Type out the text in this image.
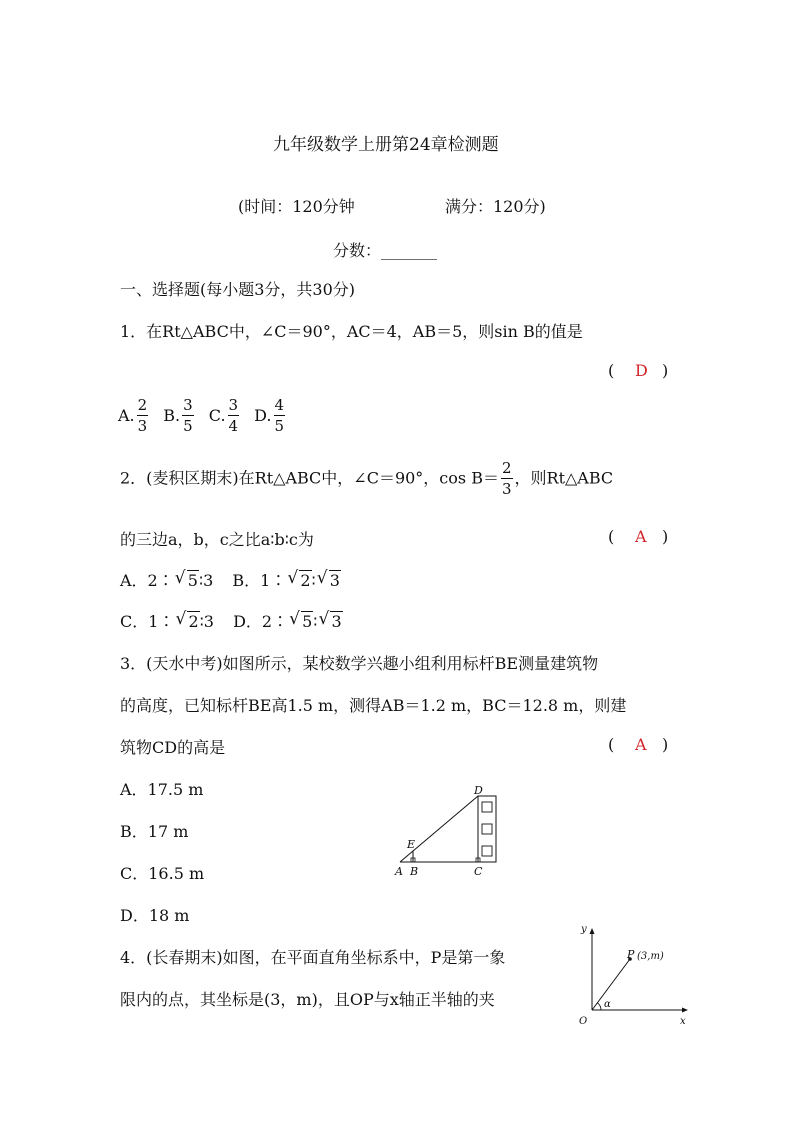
九年级数学上册第24章检测题
(时间：120分钟	满分：120分)
分数：_______
一、选择题(每小题3分，共30分)
1．在Rt△ABC中，∠C＝90°，AC＝4，AB＝5，则sin B的值是
( D )
A. $\frac{2}{3} B$. $\frac{3}{5} C$. $\frac{3}{4} D$. $\frac{4}{5}$
2．(麦积区期末)在Rt△ABC中，∠C＝90°，$\cos B= \frac{2}{3}$ ，则Rt△ABC
的三边a，b，c之比a∶b∶c为	( A )
A．2∶ √ 5∶3 B．1∶ √ 2∶ √ 3
C．1∶ √ 2∶3 D．2∶ √ 5∶ √ 3
3．(天水中考)如图所示，某校数学兴趣小组利用标杆BE测量建筑物
的高度，已知标杆BE高1.5 m，测得AB＝1.2 m，BC＝12.8 m，则建
筑物CD的高是	( A )
A．17.5 m
B．17 m
C．16.5 m
D．18 m
A B	C
D
E
4．(长春期末)如图，在平面直角坐标系中，P是第一象
限内的点，其坐标是(3，m)，且OP与x轴正半轴的夹
y
x
O
P (3,m)
α
